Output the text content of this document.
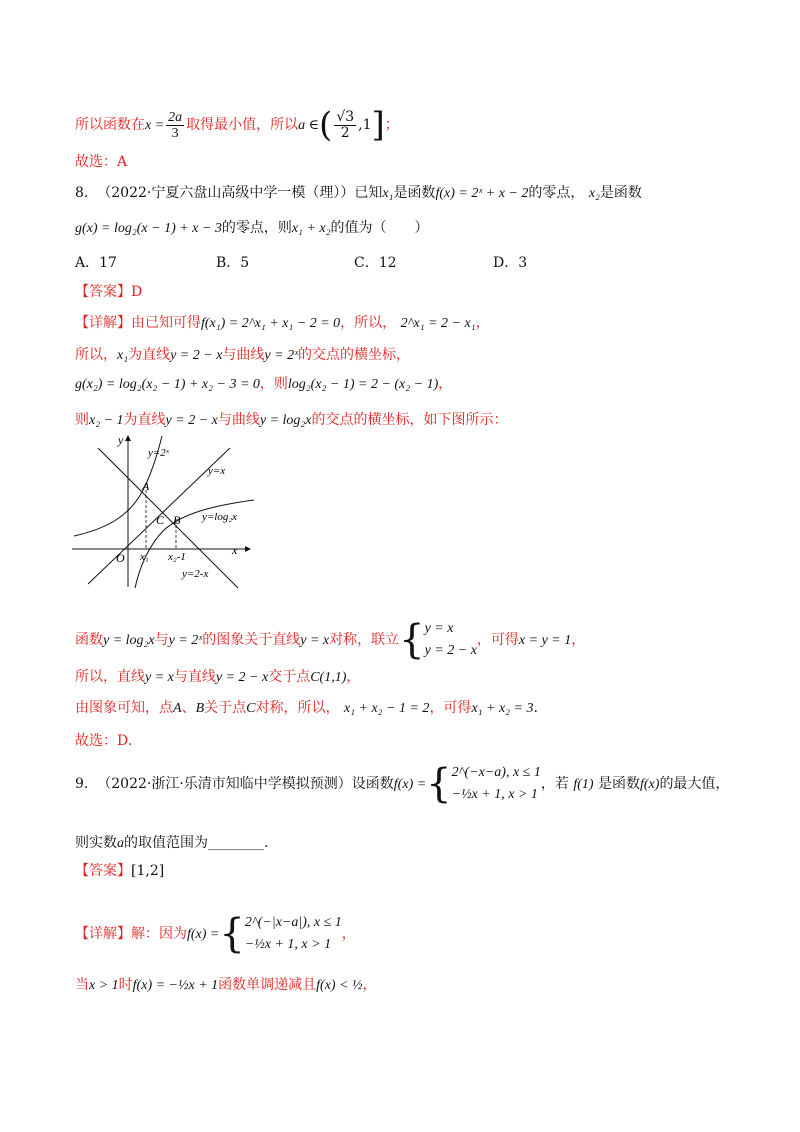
所以函数在$x = \frac{2a}{3}$ 取得最小值，所以a ∈( $\frac{√3}{2} ,1$]；
故选：A
8. （2022·宁夏六盘山高级中学一模（理））已知x₁是函数f(x) = 2ˣ + x − 2的零点， x₂是函数
g(x) = log₂(x − 1) + x − 3的零点，则x₁ + x₂的值为（　　）
A．17	B．5	C．12	D．3
【答案】D
【详解】由已知可得f(x₁) = 2^x₁ + x₁ − 2 = 0，所以， 2^x₁ = 2 − x₁，
所以，x₁为直线y = 2 − x与曲线y = 2ˣ的交点的横坐标，
g(x₂) = log₂(x₂ − 1) + x₂ − 3 = 0，则log₂(x₂ − 1) = 2 − (x₂ − 1)，
则x₂ − 1为直线y = 2 − x与曲线y = log₂x的交点的横坐标，如下图所示：
y
x
O
y=2ˣ
y=x
y=log₂x
y=2-x
A
B
C
x₁ x₂-1
函数y = log₂x与y = 2ˣ的图象关于直线y = x对称，联立{ y = x
y = 2 − x
，可得x = y = 1，
所以，直线y = x与直线y = 2 − x交于点C(1,1)，
由图象可知，点A、B关于点C对称，所以， x₁ + x₂ − 1 = 2，可得x₁ + x₂ = 3.
故选：D.
9. （2022·浙江·乐清市知临中学模拟预测）设函数f(x) ={ 2^(−x−a), x ≤ 1
−½x + 1, x > 1
，若 f(1) 是函数f(x)的最大值，
则实数a的取值范围为________.
【答案】[1,2]
【详解】解：因为f(x) ={ 2^(−|x−a|), x ≤ 1
−½x + 1, x > 1
，
当x > 1时f(x) = −½x + 1函数单调递减且f(x) < ½，
